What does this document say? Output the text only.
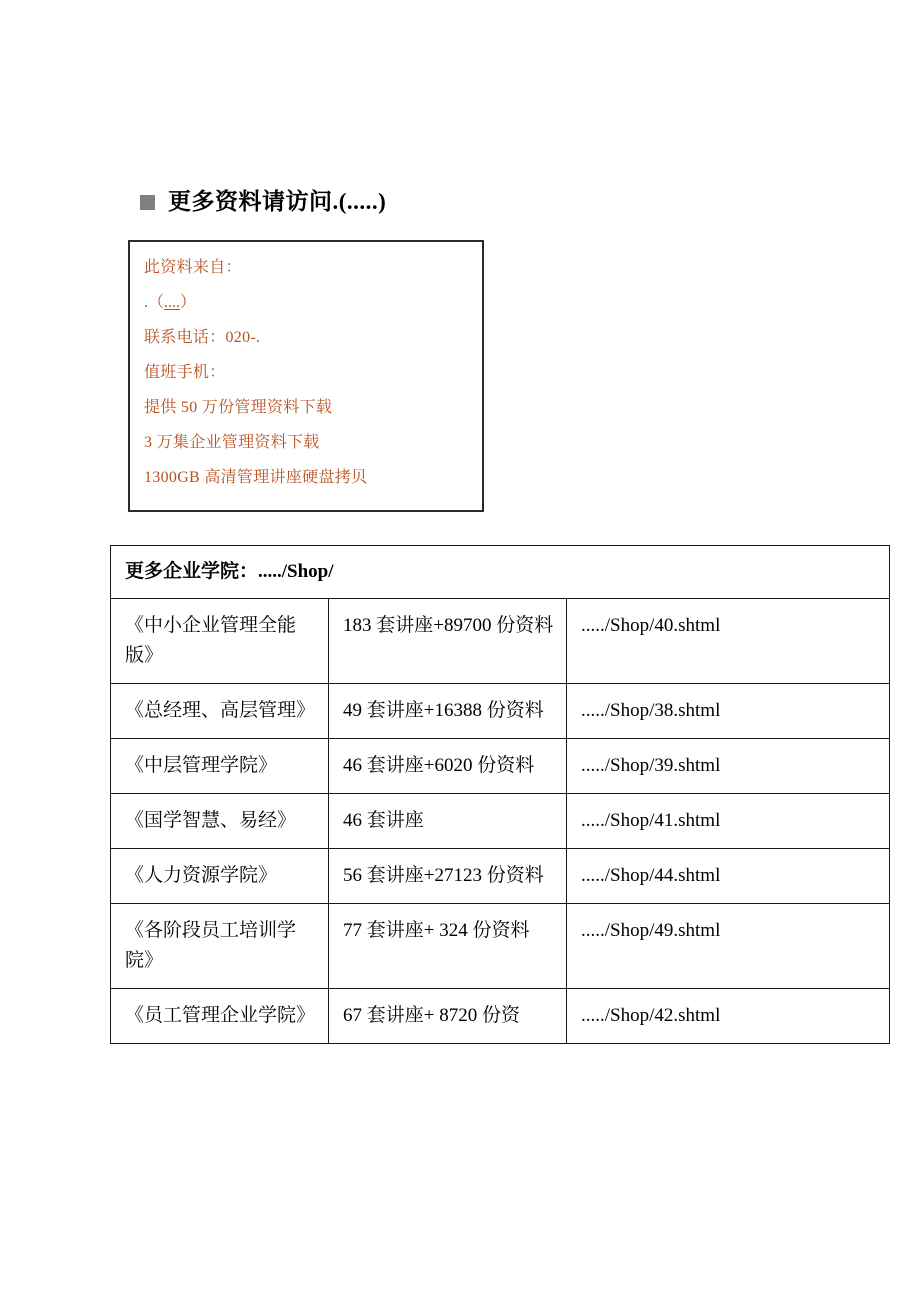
更多资料请访问.(.....)
此资料来自：
.（....）
联系电话：020-.
值班手机：
提供 50 万份管理资料下载
3 万集企业管理资料下载
1300GB 高清管理讲座硬盘拷贝
更多企业学院：...../Shop/		
《中小企业管理全能版》	183 套讲座+89700 份资料	...../Shop/40.shtml
《总经理、高层管理》	49 套讲座+16388 份资料	...../Shop/38.shtml
《中层管理学院》	46 套讲座+6020 份资料	...../Shop/39.shtml
《国学智慧、易经》	46 套讲座	...../Shop/41.shtml
《人力资源学院》	56 套讲座+27123 份资料	...../Shop/44.shtml
《各阶段员工培训学院》	77 套讲座+ 324 份资料	...../Shop/49.shtml
《员工管理企业学院》	67 套讲座+ 8720 份资	...../Shop/42.shtml
